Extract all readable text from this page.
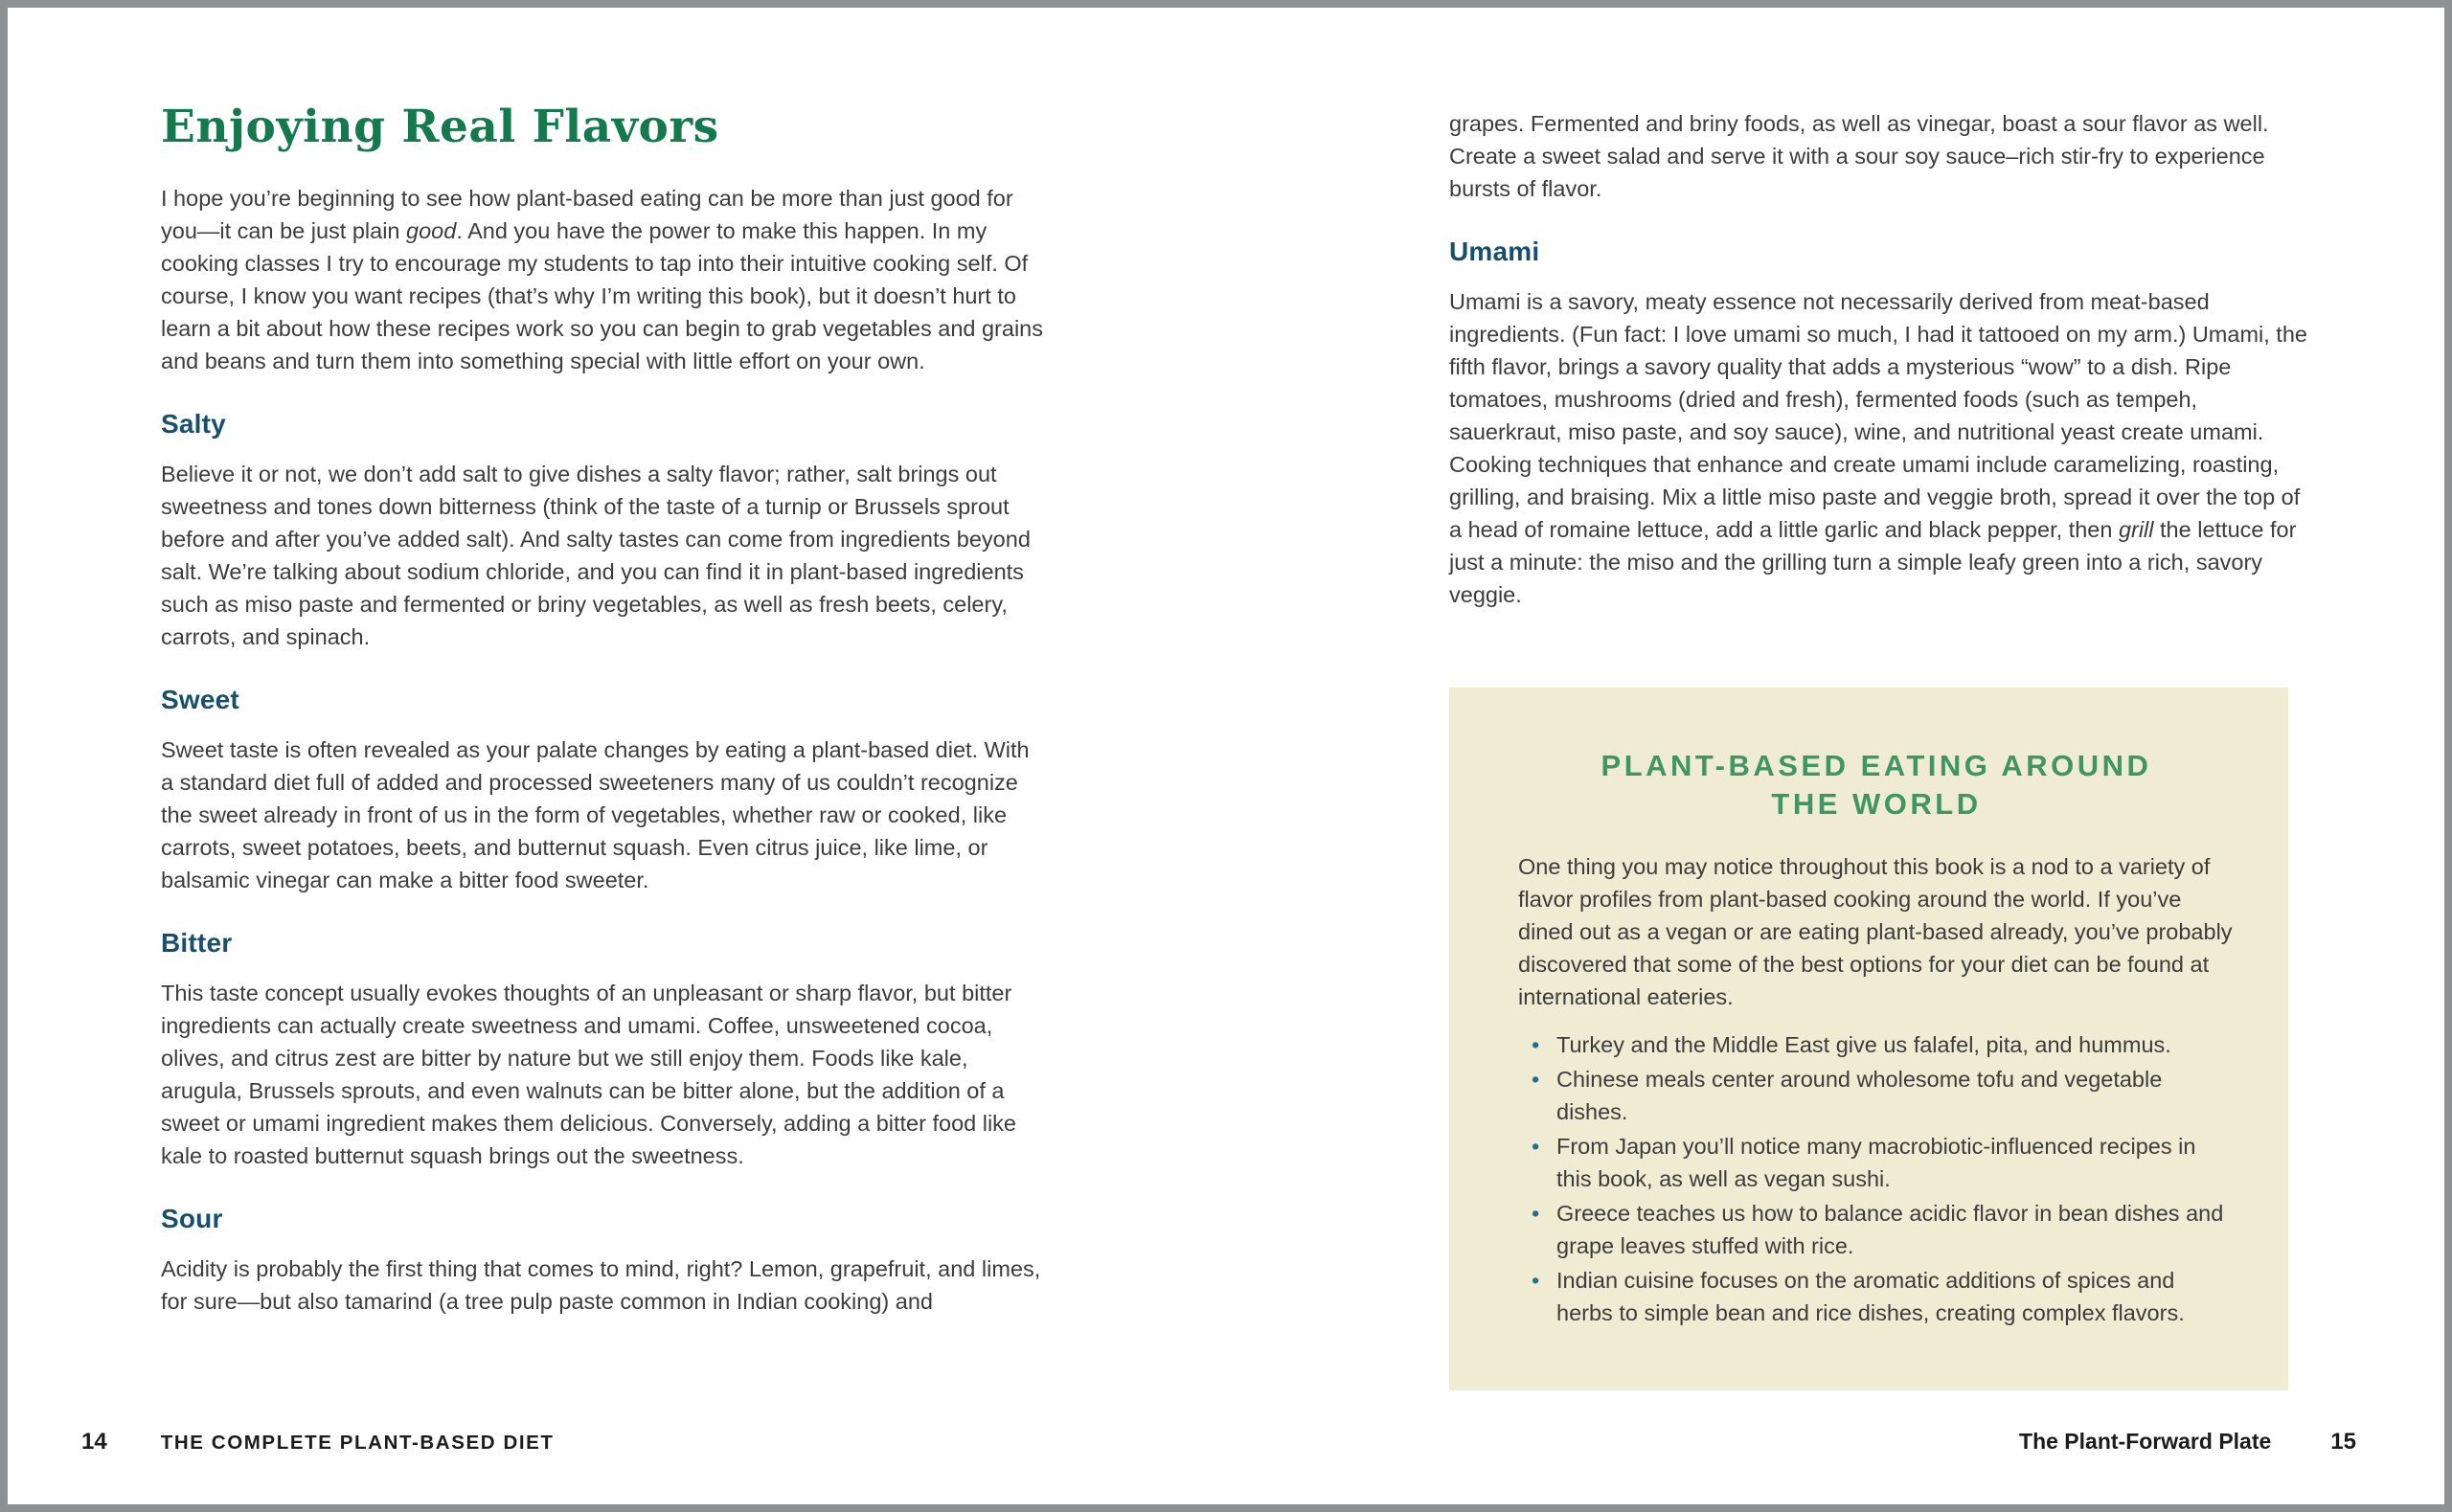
Enjoying Real Flavors

I hope you’re beginning to see how plant-based eating can be more than just good for you—it can be just plain good. And you have the power to make this happen. In my cooking classes I try to encourage my students to tap into their intuitive cooking self. Of course, I know you want recipes (that’s why I’m writing this book), but it doesn’t hurt to learn a bit about how these recipes work so you can begin to grab vegetables and grains and beans and turn them into something special with little effort on your own.

Salty

Believe it or not, we don’t add salt to give dishes a salty flavor; rather, salt brings out sweetness and tones down bitterness (think of the taste of a turnip or Brussels sprout before and after you’ve added salt). And salty tastes can come from ingredients beyond salt. We’re talking about sodium chloride, and you can find it in plant-based ingredients such as miso paste and fermented or briny vegetables, as well as fresh beets, celery, carrots, and spinach.

Sweet

Sweet taste is often revealed as your palate changes by eating a plant-based diet. With a standard diet full of added and processed sweeteners many of us couldn’t recognize the sweet already in front of us in the form of vegetables, whether raw or cooked, like carrots, sweet potatoes, beets, and butternut squash. Even citrus juice, like lime, or balsamic vinegar can make a bitter food sweeter.

Bitter

This taste concept usually evokes thoughts of an unpleasant or sharp flavor, but bitter ingredients can actually create sweetness and umami. Coffee, unsweetened cocoa, olives, and citrus zest are bitter by nature but we still enjoy them. Foods like kale, arugula, Brussels sprouts, and even walnuts can be bitter alone, but the addition of a sweet or umami ingredient makes them delicious. Conversely, adding a bitter food like kale to roasted butternut squash brings out the sweetness.

Sour

Acidity is probably the first thing that comes to mind, right? Lemon, grapefruit, and limes, for sure—but also tamarind (a tree pulp paste common in Indian cooking) and

grapes. Fermented and briny foods, as well as vinegar, boast a sour flavor as well. Create a sweet salad and serve it with a sour soy sauce–rich stir-fry to experience bursts of flavor.

Umami

Umami is a savory, meaty essence not necessarily derived from meat-based ingredients. (Fun fact: I love umami so much, I had it tattooed on my arm.) Umami, the fifth flavor, brings a savory quality that adds a mysterious “wow” to a dish. Ripe tomatoes, mushrooms (dried and fresh), fermented foods (such as tempeh, sauerkraut, miso paste, and soy sauce), wine, and nutritional yeast create umami. Cooking techniques that enhance and create umami include caramelizing, roasting, grilling, and braising. Mix a little miso paste and veggie broth, spread it over the top of a head of romaine lettuce, add a little garlic and black pepper, then grill the lettuce for just a minute: the miso and the grilling turn a simple leafy green into a rich, savory veggie.

PLANT-BASED EATING AROUND
THE WORLD

One thing you may notice throughout this book is a nod to a variety of flavor profiles from plant-based cooking around the world. If you’ve dined out as a vegan or are eating plant-based already, you’ve probably discovered that some of the best options for your diet can be found at international eateries.

• Turkey and the Middle East give us falafel, pita, and hummus.
• Chinese meals center around wholesome tofu and vegetable dishes.
• From Japan you’ll notice many macrobiotic-influenced recipes in this book, as well as vegan sushi.
• Greece teaches us how to balance acidic flavor in bean dishes and grape leaves stuffed with rice.
• Indian cuisine focuses on the aromatic additions of spices and herbs to simple bean and rice dishes, creating complex flavors.
14	THE COMPLETE PLANT-BASED DIET	The Plant-Forward Plate	15
